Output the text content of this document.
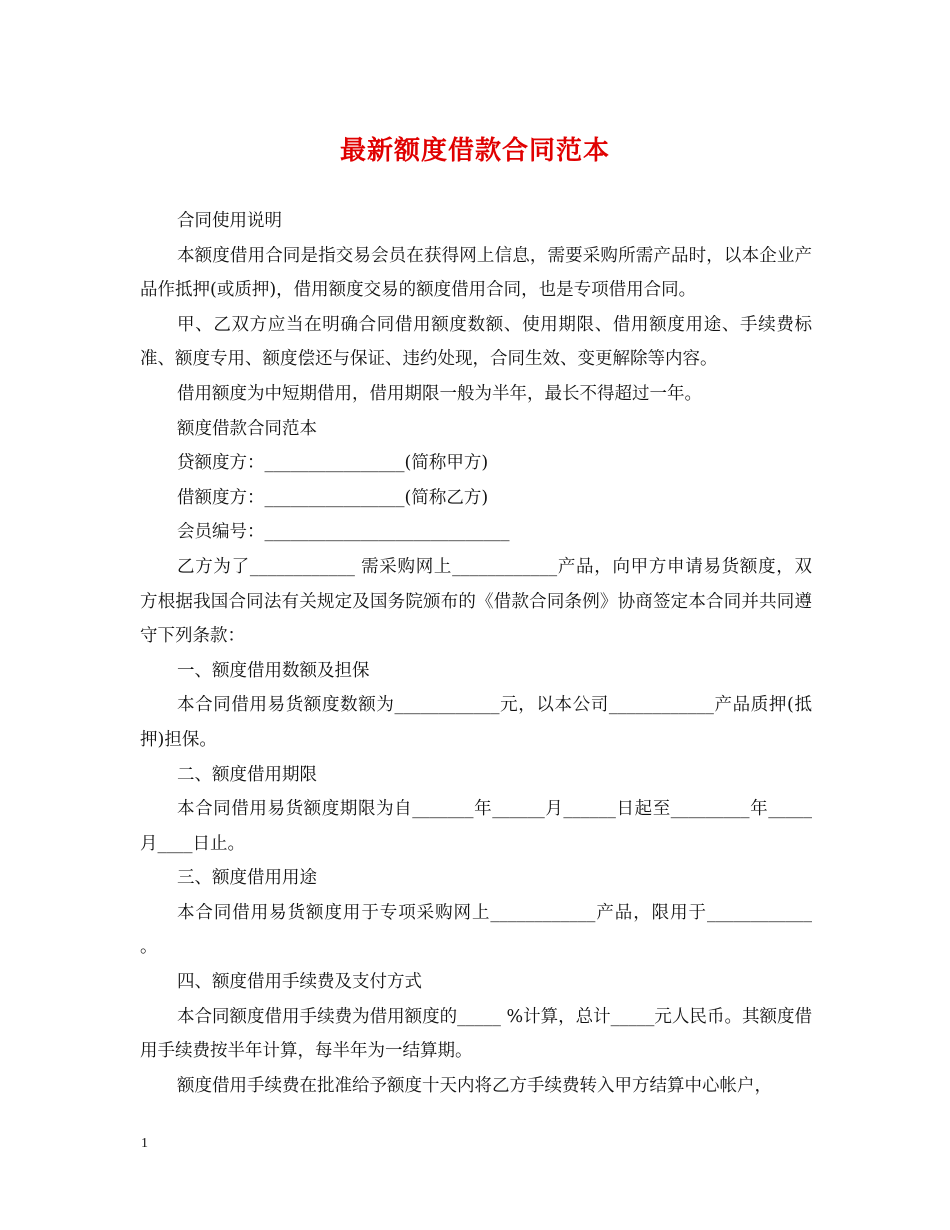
最新额度借款合同范本

合同使用说明

本额度借用合同是指交易会员在获得网上信息，需要采购所需产品时，以本企业产品作抵押(或质押)，借用额度交易的额度借用合同，也是专项借用合同。

甲、乙双方应当在明确合同借用额度数额、使用期限、借用额度用途、手续费标准、额度专用、额度偿还与保证、违约处现，合同生效、变更解除等内容。

借用额度为中短期借用，借用期限一般为半年，最长不得超过一年。

额度借款合同范本

贷额度方：________________(简称甲方)

借额度方：________________(简称乙方)

会员编号：____________________________

乙方为了____________ 需采购网上____________产品，向甲方申请易货额度，双方根据我国合同法有关规定及国务院颁布的《借款合同条例》协商签定本合同并共同遵守下列条款：

一、额度借用数额及担保

本合同借用易货额度数额为____________元，以本公司____________产品质押(抵押)担保。

二、额度借用期限

本合同借用易货额度期限为自_______年______月______日起至_________年_____月____日止。

三、额度借用用途

本合同借用易货额度用于专项采购网上____________产品，限用于____________ 。

四、额度借用手续费及支付方式

本合同额度借用手续费为借用额度的_____ %计算，总计_____元人民币。其额度借用手续费按半年计算，每半年为一结算期。

额度借用手续费在批准给予额度十天内将乙方手续费转入甲方结算中心帐户，

1
